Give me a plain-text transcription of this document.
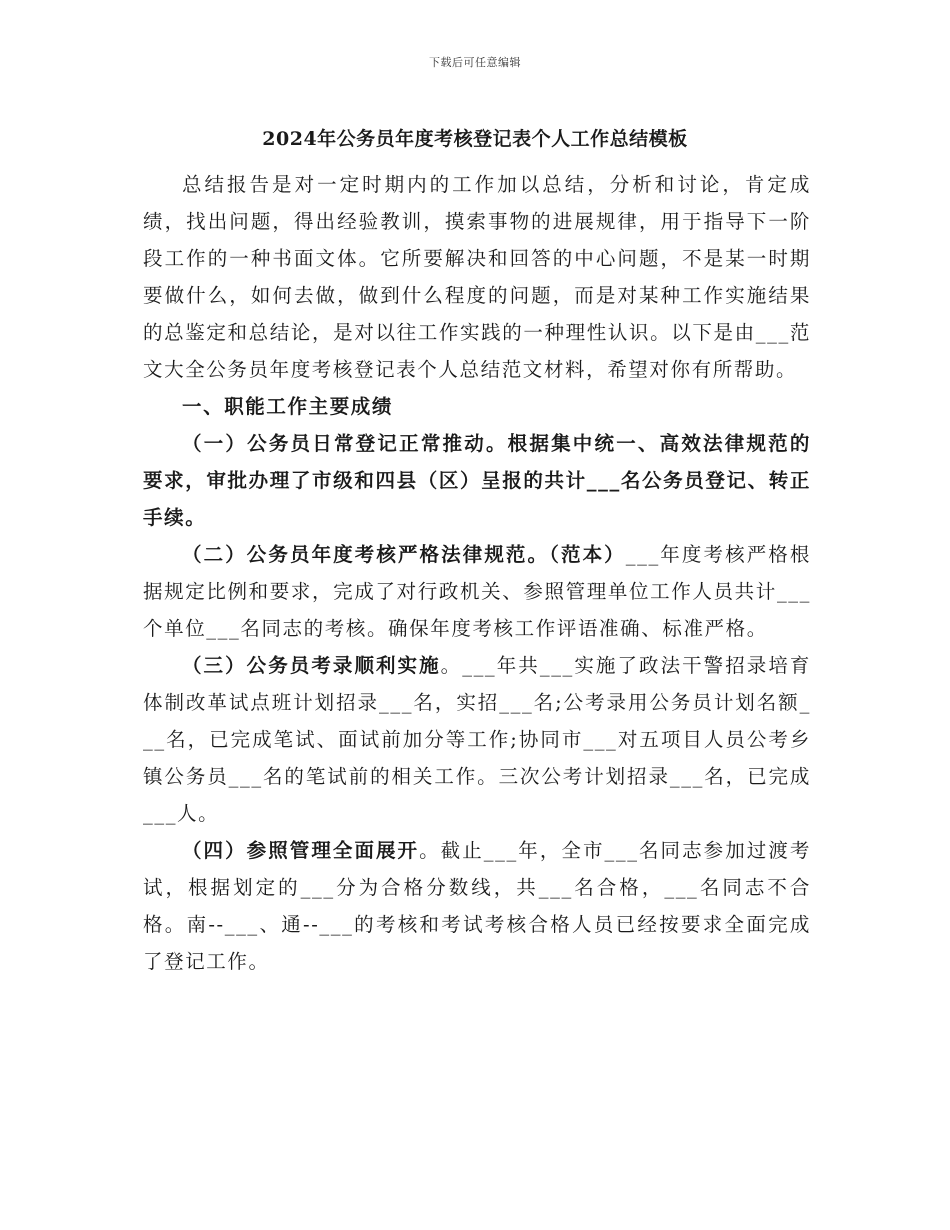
下载后可任意编辑
2024年公务员年度考核登记表个人工作总结模板

总结报告是对一定时期内的工作加以总结，分析和讨论，肯定成绩，找出问题，得出经验教训，摸索事物的进展规律，用于指导下一阶段工作的一种书面文体。它所要解决和回答的中心问题，不是某一时期要做什么，如何去做，做到什么程度的问题，而是对某种工作实施结果的总鉴定和总结论，是对以往工作实践的一种理性认识。以下是由___范文大全公务员年度考核登记表个人总结范文材料，希望对你有所帮助。

一、职能工作主要成绩

（一）公务员日常登记正常推动。根据集中统一、高效法律规范的要求，审批办理了市级和四县（区）呈报的共计___名公务员登记、转正手续。

（二）公务员年度考核严格法律规范。（范本）___年度考核严格根据规定比例和要求，完成了对行政机关、参照管理单位工作人员共计___个单位___名同志的考核。确保年度考核工作评语准确、标准严格。

（三）公务员考录顺利实施。___年共___实施了政法干警招录培育体制改革试点班计划招录___名，实招___名;公考录用公务员计划名额___名，已完成笔试、面试前加分等工作;协同市___对五项目人员公考乡镇公务员___名的笔试前的相关工作。三次公考计划招录___名，已完成___人。

（四）参照管理全面展开。截止___年，全市___名同志参加过渡考试，根据划定的___分为合格分数线，共___名合格，___名同志不合格。南--___、通--___的考核和考试考核合格人员已经按要求全面完成了登记工作。
